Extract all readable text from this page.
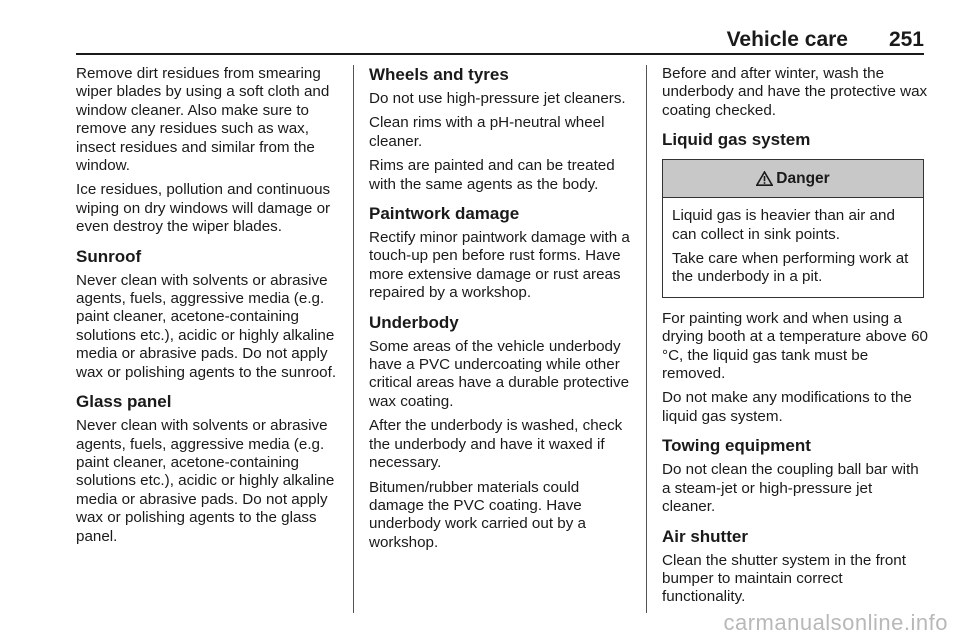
Vehicle care 251

Remove dirt residues from smearing wiper blades by using a soft cloth and window cleaner. Also make sure to remove any residues such as wax, insect residues and similar from the window.

Ice residues, pollution and continuous wiping on dry windows will damage or even destroy the wiper blades.

Sunroof

Never clean with solvents or abrasive agents, fuels, aggressive media (e.g. paint cleaner, acetone-containing solutions etc.), acidic or highly alkaline media or abrasive pads. Do not apply wax or polishing agents to the sunroof.

Glass panel

Never clean with solvents or abrasive agents, fuels, aggressive media (e.g. paint cleaner, acetone-containing solutions etc.), acidic or highly alkaline media or abrasive pads. Do not apply wax or polishing agents to the glass panel.

Wheels and tyres

Do not use high-pressure jet cleaners.

Clean rims with a pH-neutral wheel cleaner.

Rims are painted and can be treated with the same agents as the body.

Paintwork damage

Rectify minor paintwork damage with a touch-up pen before rust forms. Have more extensive damage or rust areas repaired by a workshop.

Underbody

Some areas of the vehicle underbody have a PVC undercoating while other critical areas have a durable protective wax coating.

After the underbody is washed, check the underbody and have it waxed if necessary.

Bitumen/rubber materials could damage the PVC coating. Have underbody work carried out by a workshop.

Before and after winter, wash the underbody and have the protective wax coating checked.

Liquid gas system
Danger

Liquid gas is heavier than air and can collect in sink points.

Take care when performing work at the underbody in a pit.

For painting work and when using a drying booth at a temperature above 60 °C, the liquid gas tank must be removed.

Do not make any modifications to the liquid gas system.

Towing equipment

Do not clean the coupling ball bar with a steam-jet or high-pressure jet cleaner.

Air shutter

Clean the shutter system in the front bumper to maintain correct functionality.

carmanualsonline.info
